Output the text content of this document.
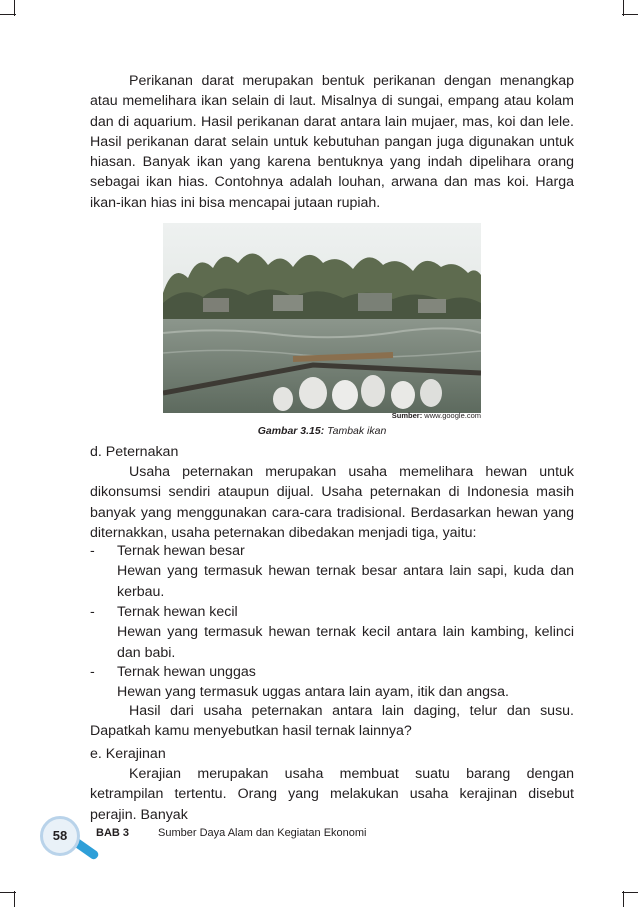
Perikanan darat merupakan bentuk perikanan dengan menangkap atau memelihara ikan selain di laut. Misalnya di sungai, empang atau kolam dan di aquarium. Hasil perikanan darat antara lain mujaer, mas, koi dan lele. Hasil perikanan darat selain untuk kebutuhan pangan juga digunakan untuk hiasan. Banyak ikan yang karena bentuknya yang indah dipelihara orang sebagai ikan hias. Contohnya adalah louhan, arwana dan mas koi. Harga ikan-ikan hias ini bisa mencapai jutaan rupiah.

Sumber: www.google.com
Gambar 3.15: Tambak ikan
d. Peternakan

Usaha peternakan merupakan usaha memelihara hewan untuk dikonsumsi sendiri ataupun dijual. Usaha peternakan di Indonesia masih banyak yang menggunakan cara-cara tradisional. Berdasarkan hewan yang diternakkan, usaha peternakan dibedakan menjadi tiga, yaitu:

- Ternak hewan besar
Hewan yang termasuk hewan ternak besar antara lain sapi, kuda dan kerbau.
- Ternak hewan kecil
Hewan yang termasuk hewan ternak kecil antara lain kambing, kelinci dan babi.
- Ternak hewan unggas
Hewan yang termasuk uggas antara lain ayam, itik dan angsa.

Hasil dari usaha peternakan antara lain daging, telur dan susu. Dapatkah kamu menyebutkan hasil ternak lainnya?

e. Kerajinan

Kerajian merupakan usaha membuat suatu barang dengan ketrampilan tertentu. Orang yang melakukan usaha kerajinan disebut perajin. Banyak

58	BAB 3	Sumber Daya Alam dan Kegiatan Ekonomi
